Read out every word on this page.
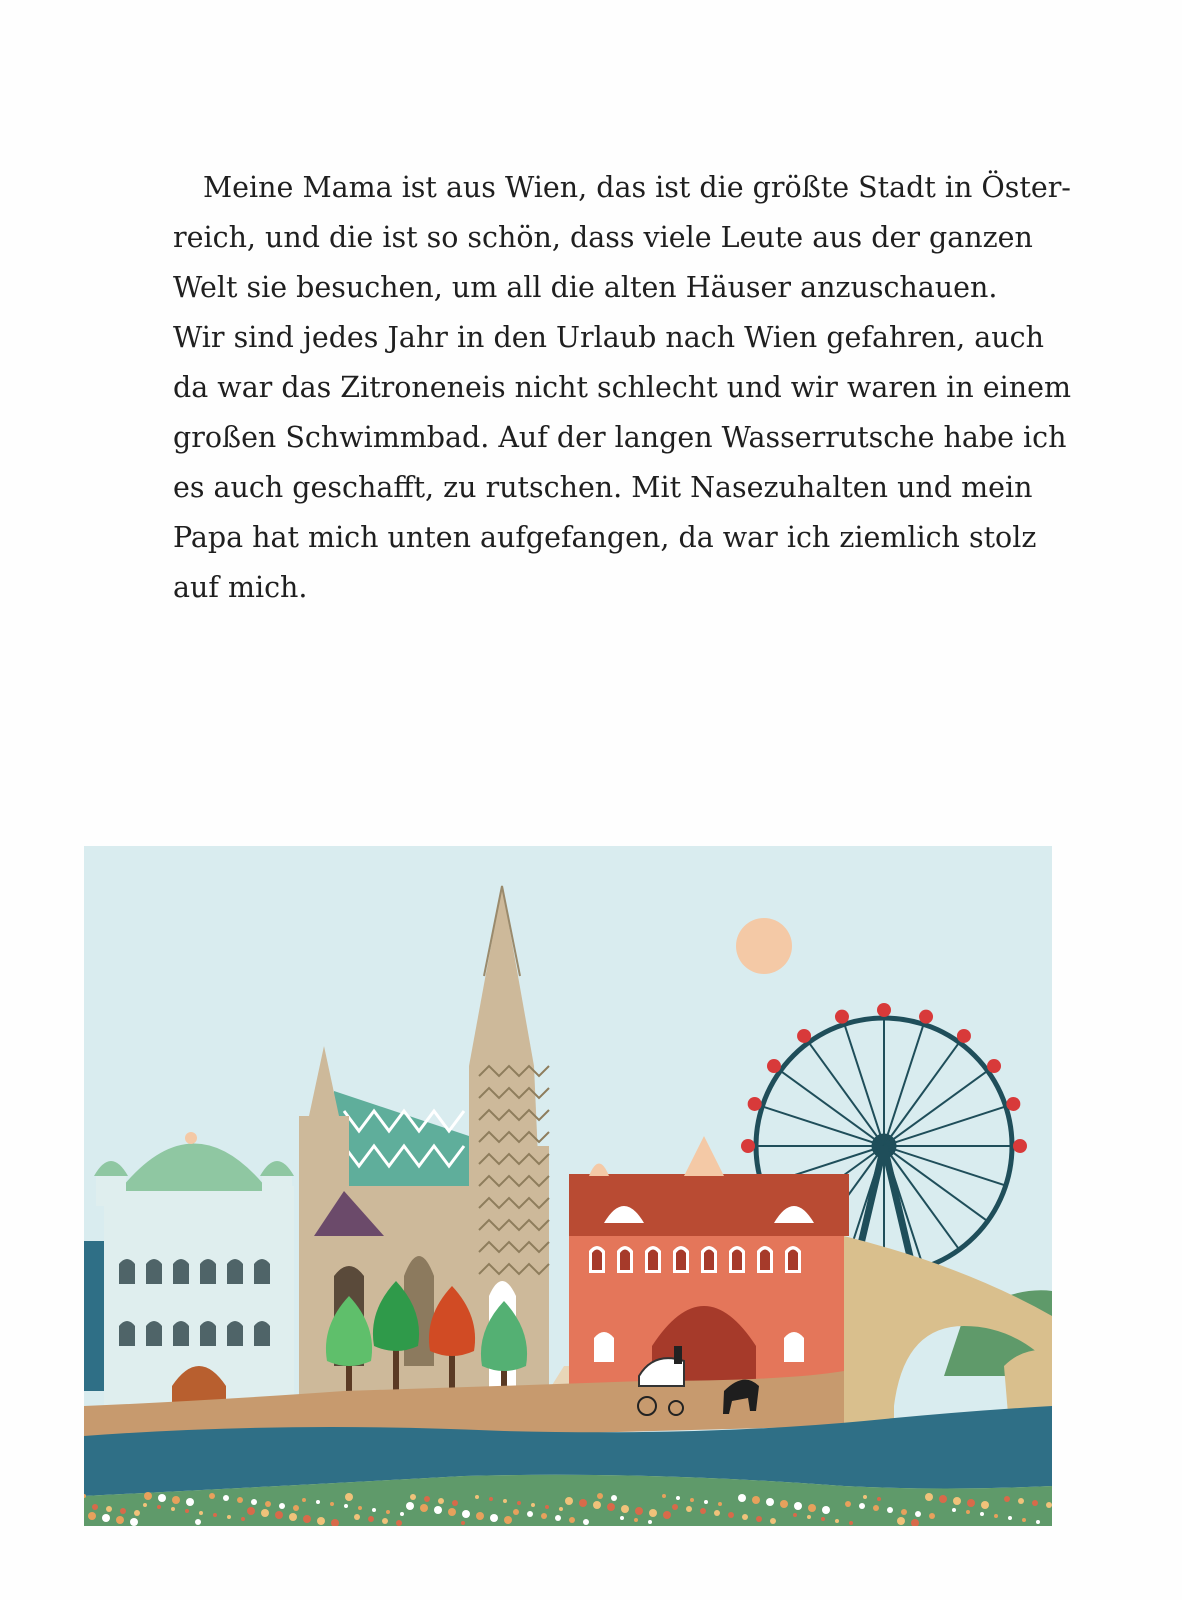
Meine Mama ist aus Wien, das ist die größte Stadt in Öster-
reich, und die ist so schön, dass viele Leute aus der ganzen
Welt sie besuchen, um all die alten Häuser anzuschauen.
Wir sind jedes Jahr in den Urlaub nach Wien gefahren, auch
da war das Zitroneneis nicht schlecht und wir waren in einem
großen Schwimmbad. Auf der langen Wasserrutsche habe ich
es auch geschafft, zu rutschen. Mit Nasezuhalten und mein
Papa hat mich unten aufgefangen, da war ich ziemlich stolz
auf mich.
